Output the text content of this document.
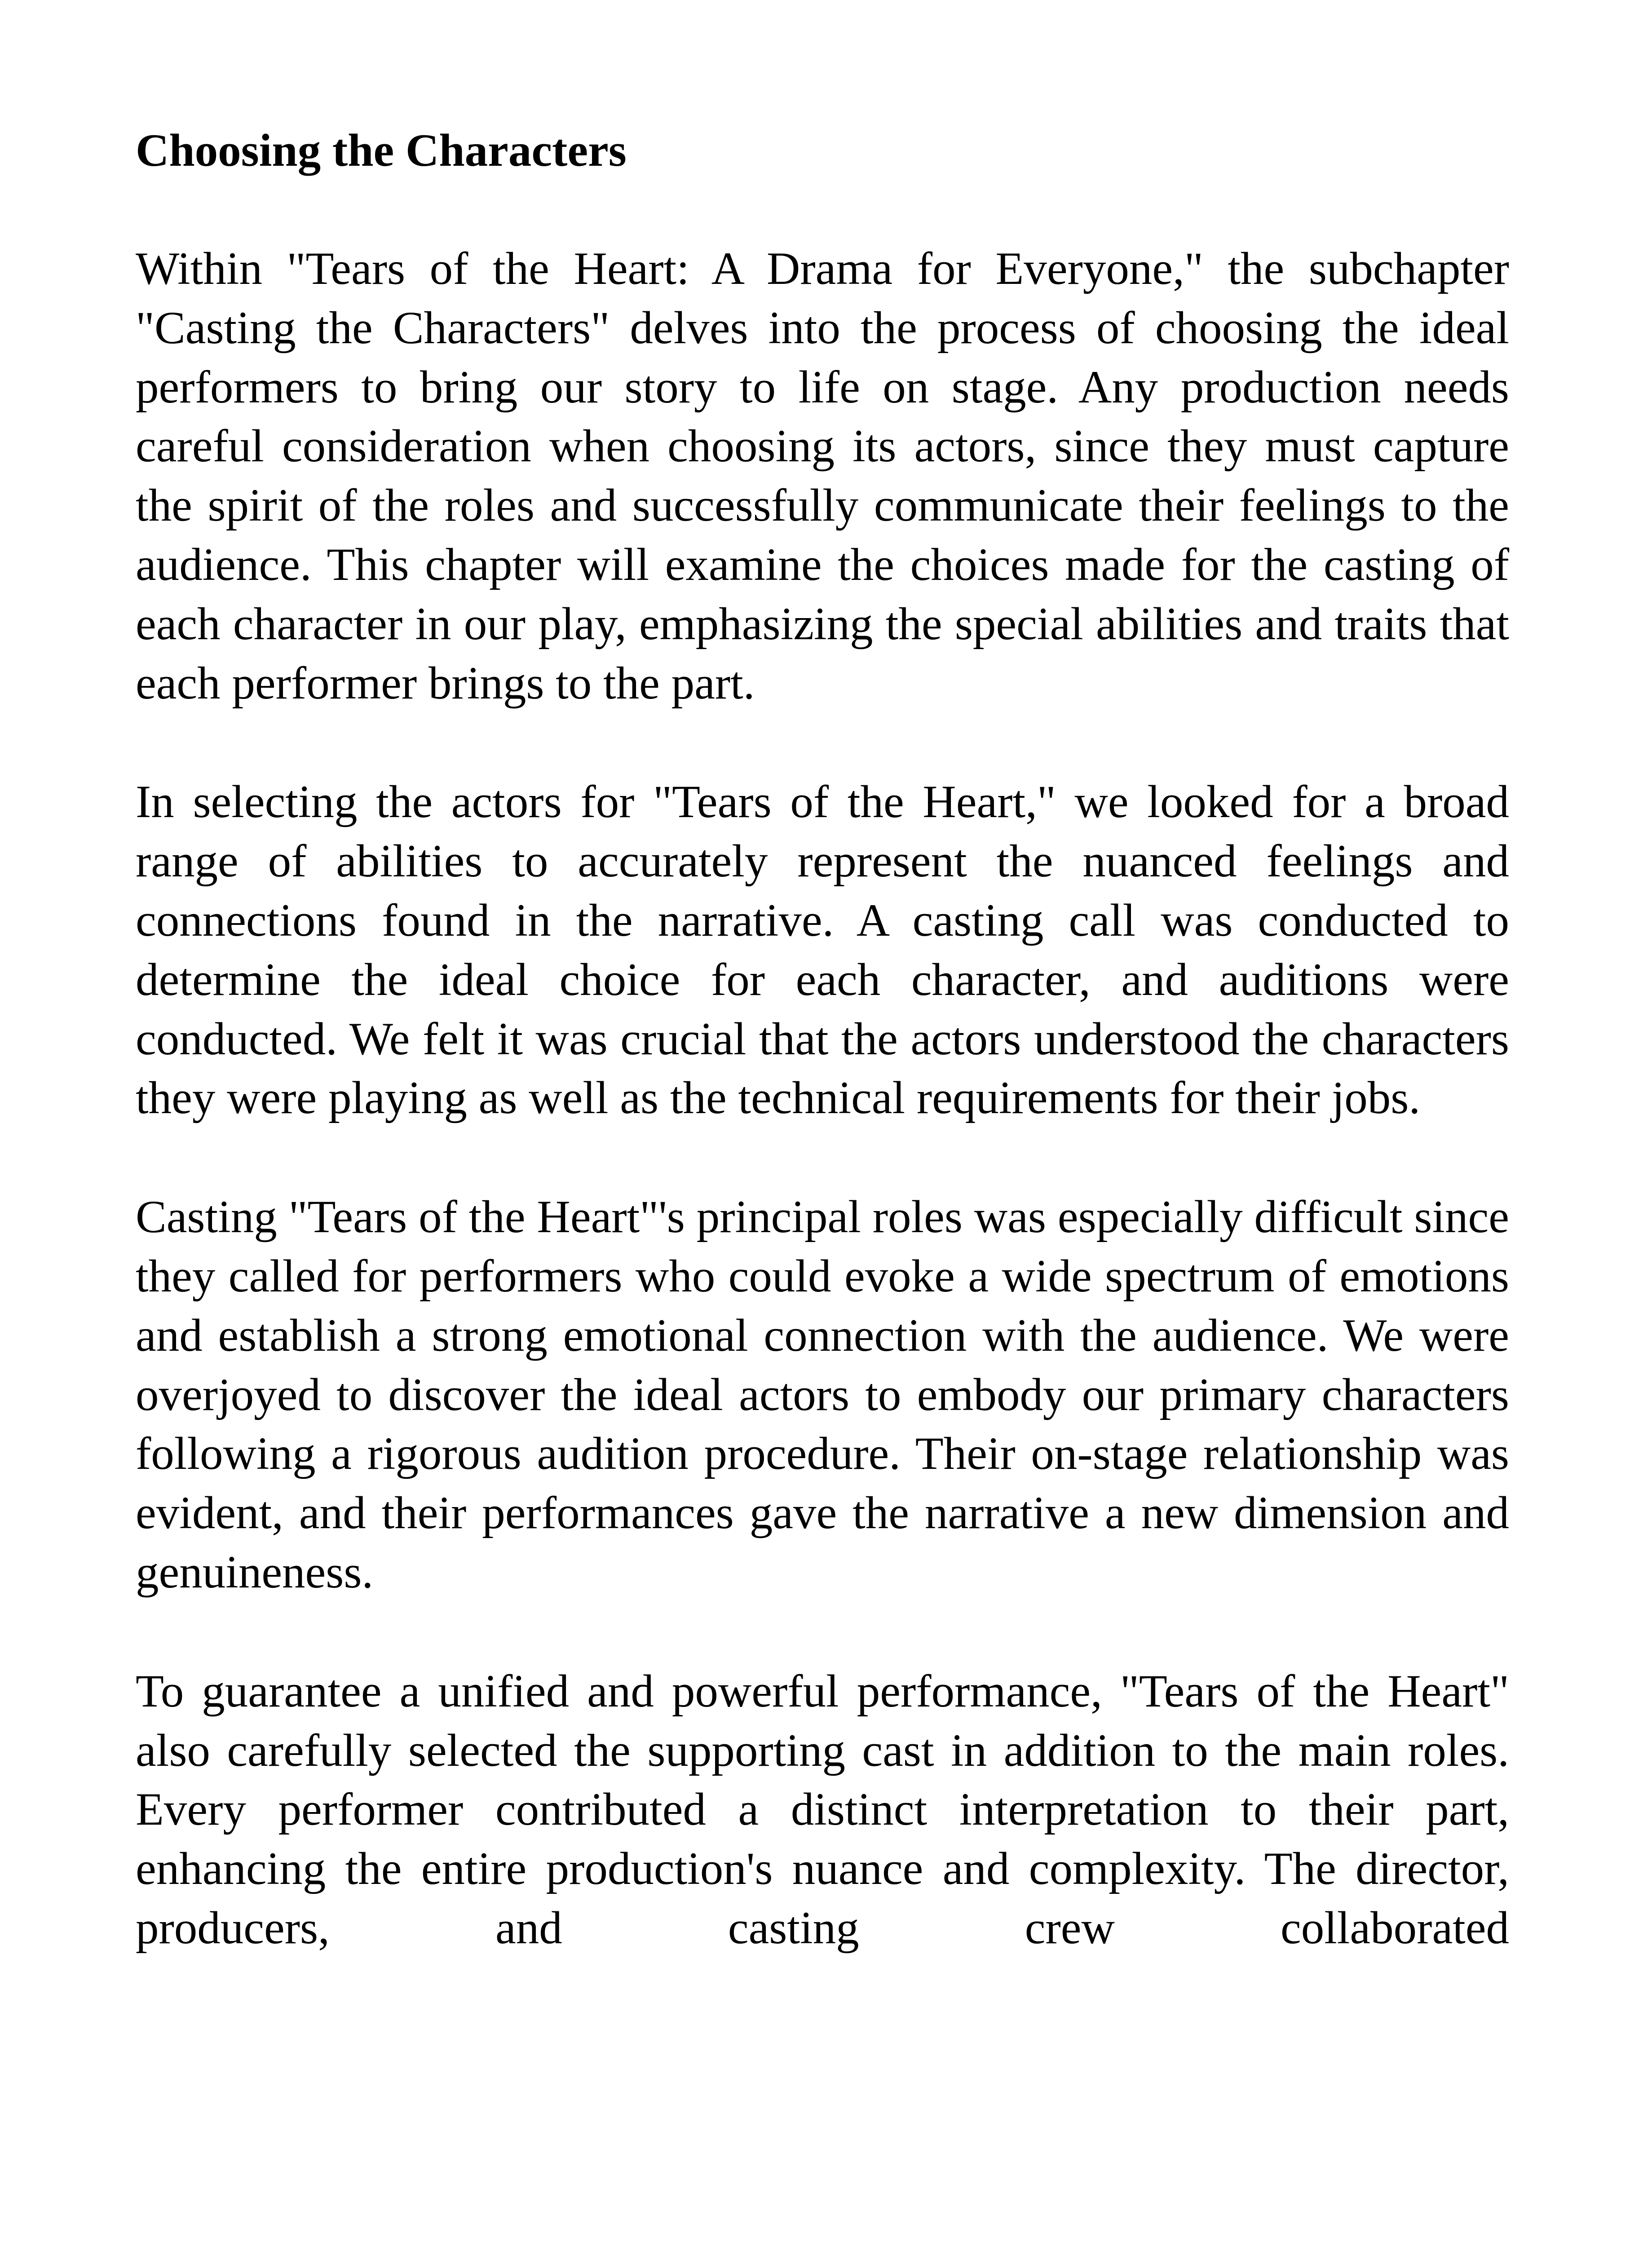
Choosing the Characters

Within "Tears of the Heart: A Drama for Everyone," the subchapter "Casting the Characters" delves into the process of choosing the ideal performers to bring our story to life on stage. Any production needs careful consideration when choosing its actors, since they must capture the spirit of the roles and successfully communicate their feelings to the audience. This chapter will examine the choices made for the casting of each character in our play, emphasizing the special abilities and traits that each performer brings to the part.

In selecting the actors for "Tears of the Heart," we looked for a broad range of abilities to accurately represent the nuanced feelings and connections found in the narrative. A casting call was conducted to determine the ideal choice for each character, and auditions were conducted. We felt it was crucial that the actors understood the characters they were playing as well as the technical requirements for their jobs.

Casting "Tears of the Heart"'s principal roles was especially difficult since they called for performers who could evoke a wide spectrum of emotions and establish a strong emotional connection with the audience. We were overjoyed to discover the ideal actors to embody our primary characters following a rigorous audition procedure. Their on-stage relationship was evident, and their performances gave the narrative a new dimension and genuineness.

To guarantee a unified and powerful performance, "Tears of the Heart" also carefully selected the supporting cast in addition to the main roles. Every performer contributed a distinct interpretation to their part, enhancing the entire production's nuance and complexity. The director, producers, and casting crew collaborated
